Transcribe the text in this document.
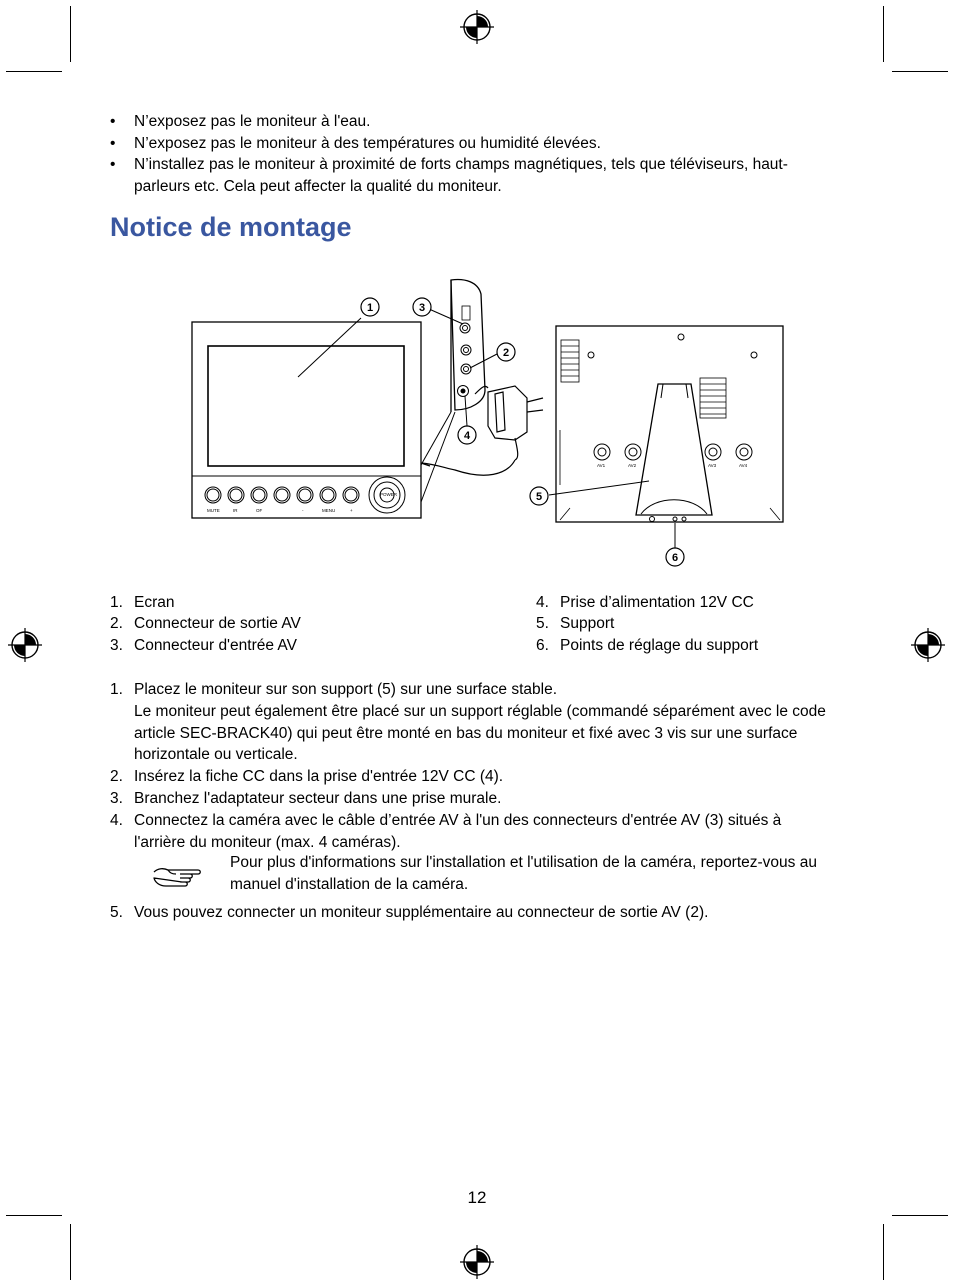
• N’exposez pas le moniteur à l'eau.
• N’exposez pas le moniteur à des températures ou humidité élevées.
• N’installez pas le moniteur à proximité de forts champs magnétiques, tels que téléviseurs, haut-parleurs etc. Cela peut affecter la qualité du moniteur.
Notice de montage
MUTE	IR	OF	-	MENU	+
POWER
1	3
2
4
AV1	AV2	AV3	AV4
5
6
1. Ecran
2. Connecteur de sortie AV
3. Connecteur d'entrée AV
4. Prise d’alimentation 12V CC
5. Support
6. Points de réglage du support
1. Placez le moniteur sur son support (5) sur une surface stable.
Le moniteur peut également être placé sur un support réglable (commandé séparément avec le code article SEC-BRACK40) qui peut être monté en bas du moniteur et fixé avec 3 vis sur une surface horizontale ou verticale.
2. Insérez la fiche CC dans la prise d'entrée 12V CC (4).
3. Branchez l'adaptateur secteur dans une prise murale.
4. Connectez la caméra avec le câble d’entrée AV à l'un des connecteurs d'entrée AV (3) situés à l'arrière du moniteur (max. 4 caméras).
Pour plus d'informations sur l'installation et l'utilisation de la caméra, reportez-vous au manuel d'installation de la caméra.
5. Vous pouvez connecter un moniteur supplémentaire au connecteur de sortie AV (2).
12
